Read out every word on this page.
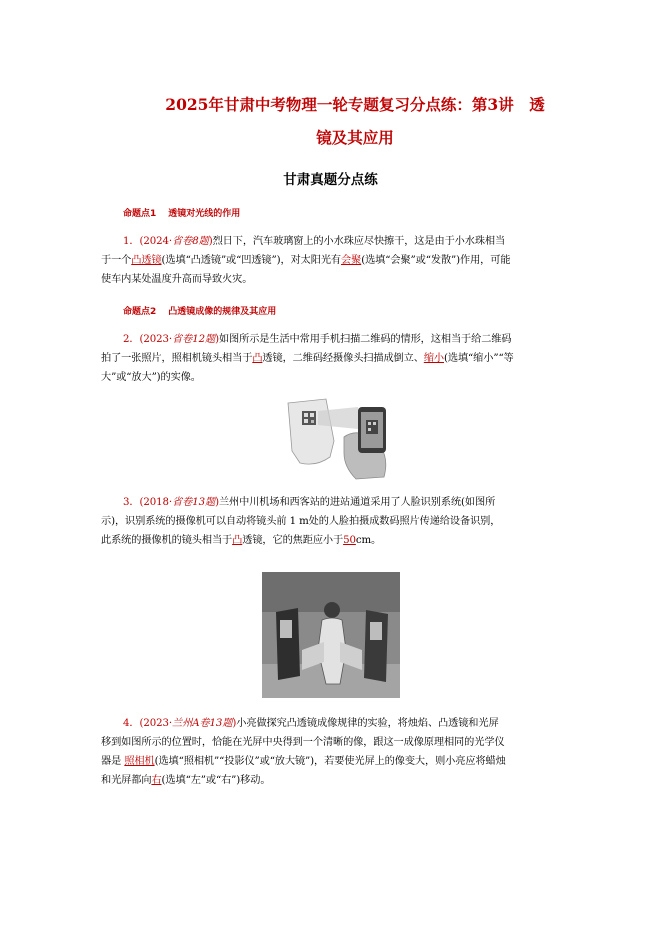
2025年甘肃中考物理一轮专题复习分点练：第3讲　透
镜及其应用
甘肃真题分点练
命题点1 透镜对光线的作用

1．(2024·省卷8题)烈日下，汽车玻璃窗上的小水珠应尽快擦干，这是由于小水珠相当

于一个凸透镜(选填“凸透镜”或“凹透镜”)，对太阳光有会聚(选填“会聚”或“发散”)作用，可能

使车内某处温度升高而导致火灾。

命题点2 凸透镜成像的规律及其应用

2．(2023·省卷12题)如图所示是生活中常用手机扫描二维码的情形，这相当于给二维码

拍了一张照片，照相机镜头相当于凸透镜，二维码经摄像头扫描成倒立、缩小(选填“缩小”“等

大”或“放大”)的实像。

3．(2018·省卷13题)兰州中川机场和西客站的进站通道采用了人脸识别系统(如图所

示)，识别系统的摄像机可以自动将镜头前 1 m处的人脸拍摄成数码照片传递给设备识别，

此系统的摄像机的镜头相当于凸透镜，它的焦距应小于50cm。

4．(2023·兰州A卷13题)小亮做探究凸透镜成像规律的实验，将烛焰、凸透镜和光屏

移到如图所示的位置时，恰能在光屏中央得到一个清晰的像，跟这一成像原理相同的光学仪

器是 照相机(选填“照相机”“投影仪”或“放大镜”)，若要使光屏上的像变大，则小亮应将蜡烛

和光屏都向右(选填“左”或“右”)移动。
